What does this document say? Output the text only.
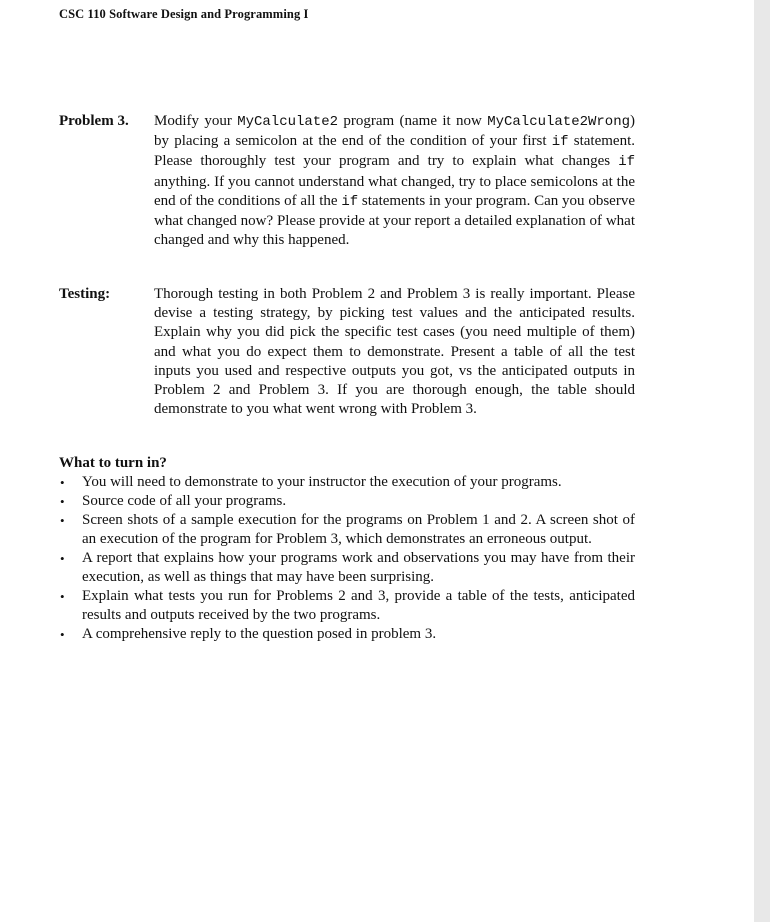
CSC 110 Software Design and Programming I
Problem 3. Modify your MyCalculate2 program (name it now MyCalculate2Wrong) by placing a semicolon at the end of the condition of your first if statement. Please thoroughly test your program and try to explain what changes if anything. If you cannot understand what changed, try to place semicolons at the end of the conditions of all the if statements in your program. Can you observe what changed now? Please provide at your report a detailed explanation of what changed and why this happened.
Testing:	Thorough testing in both Problem 2 and Problem 3 is really important. Please devise a testing strategy, by picking test values and the anticipated results. Explain why you did pick the specific test cases (you need multiple of them) and what you do expect them to demonstrate. Present a table of all the test inputs you used and respective outputs you got, vs the anticipated outputs in Problem 2 and Problem 3. If you are thorough enough, the table should demonstrate to you what went wrong with Problem 3.
What to turn in?
• You will need to demonstrate to your instructor the execution of your programs.
• Source code of all your programs.
• Screen shots of a sample execution for the programs on Problem 1 and 2. A screen shot of an execution of the program for Problem 3, which demonstrates an erroneous output.
• A report that explains how your programs work and observations you may have from their execution, as well as things that may have been surprising.
• Explain what tests you run for Problems 2 and 3, provide a table of the tests, anticipated results and outputs received by the two programs.
• A comprehensive reply to the question posed in problem 3.
